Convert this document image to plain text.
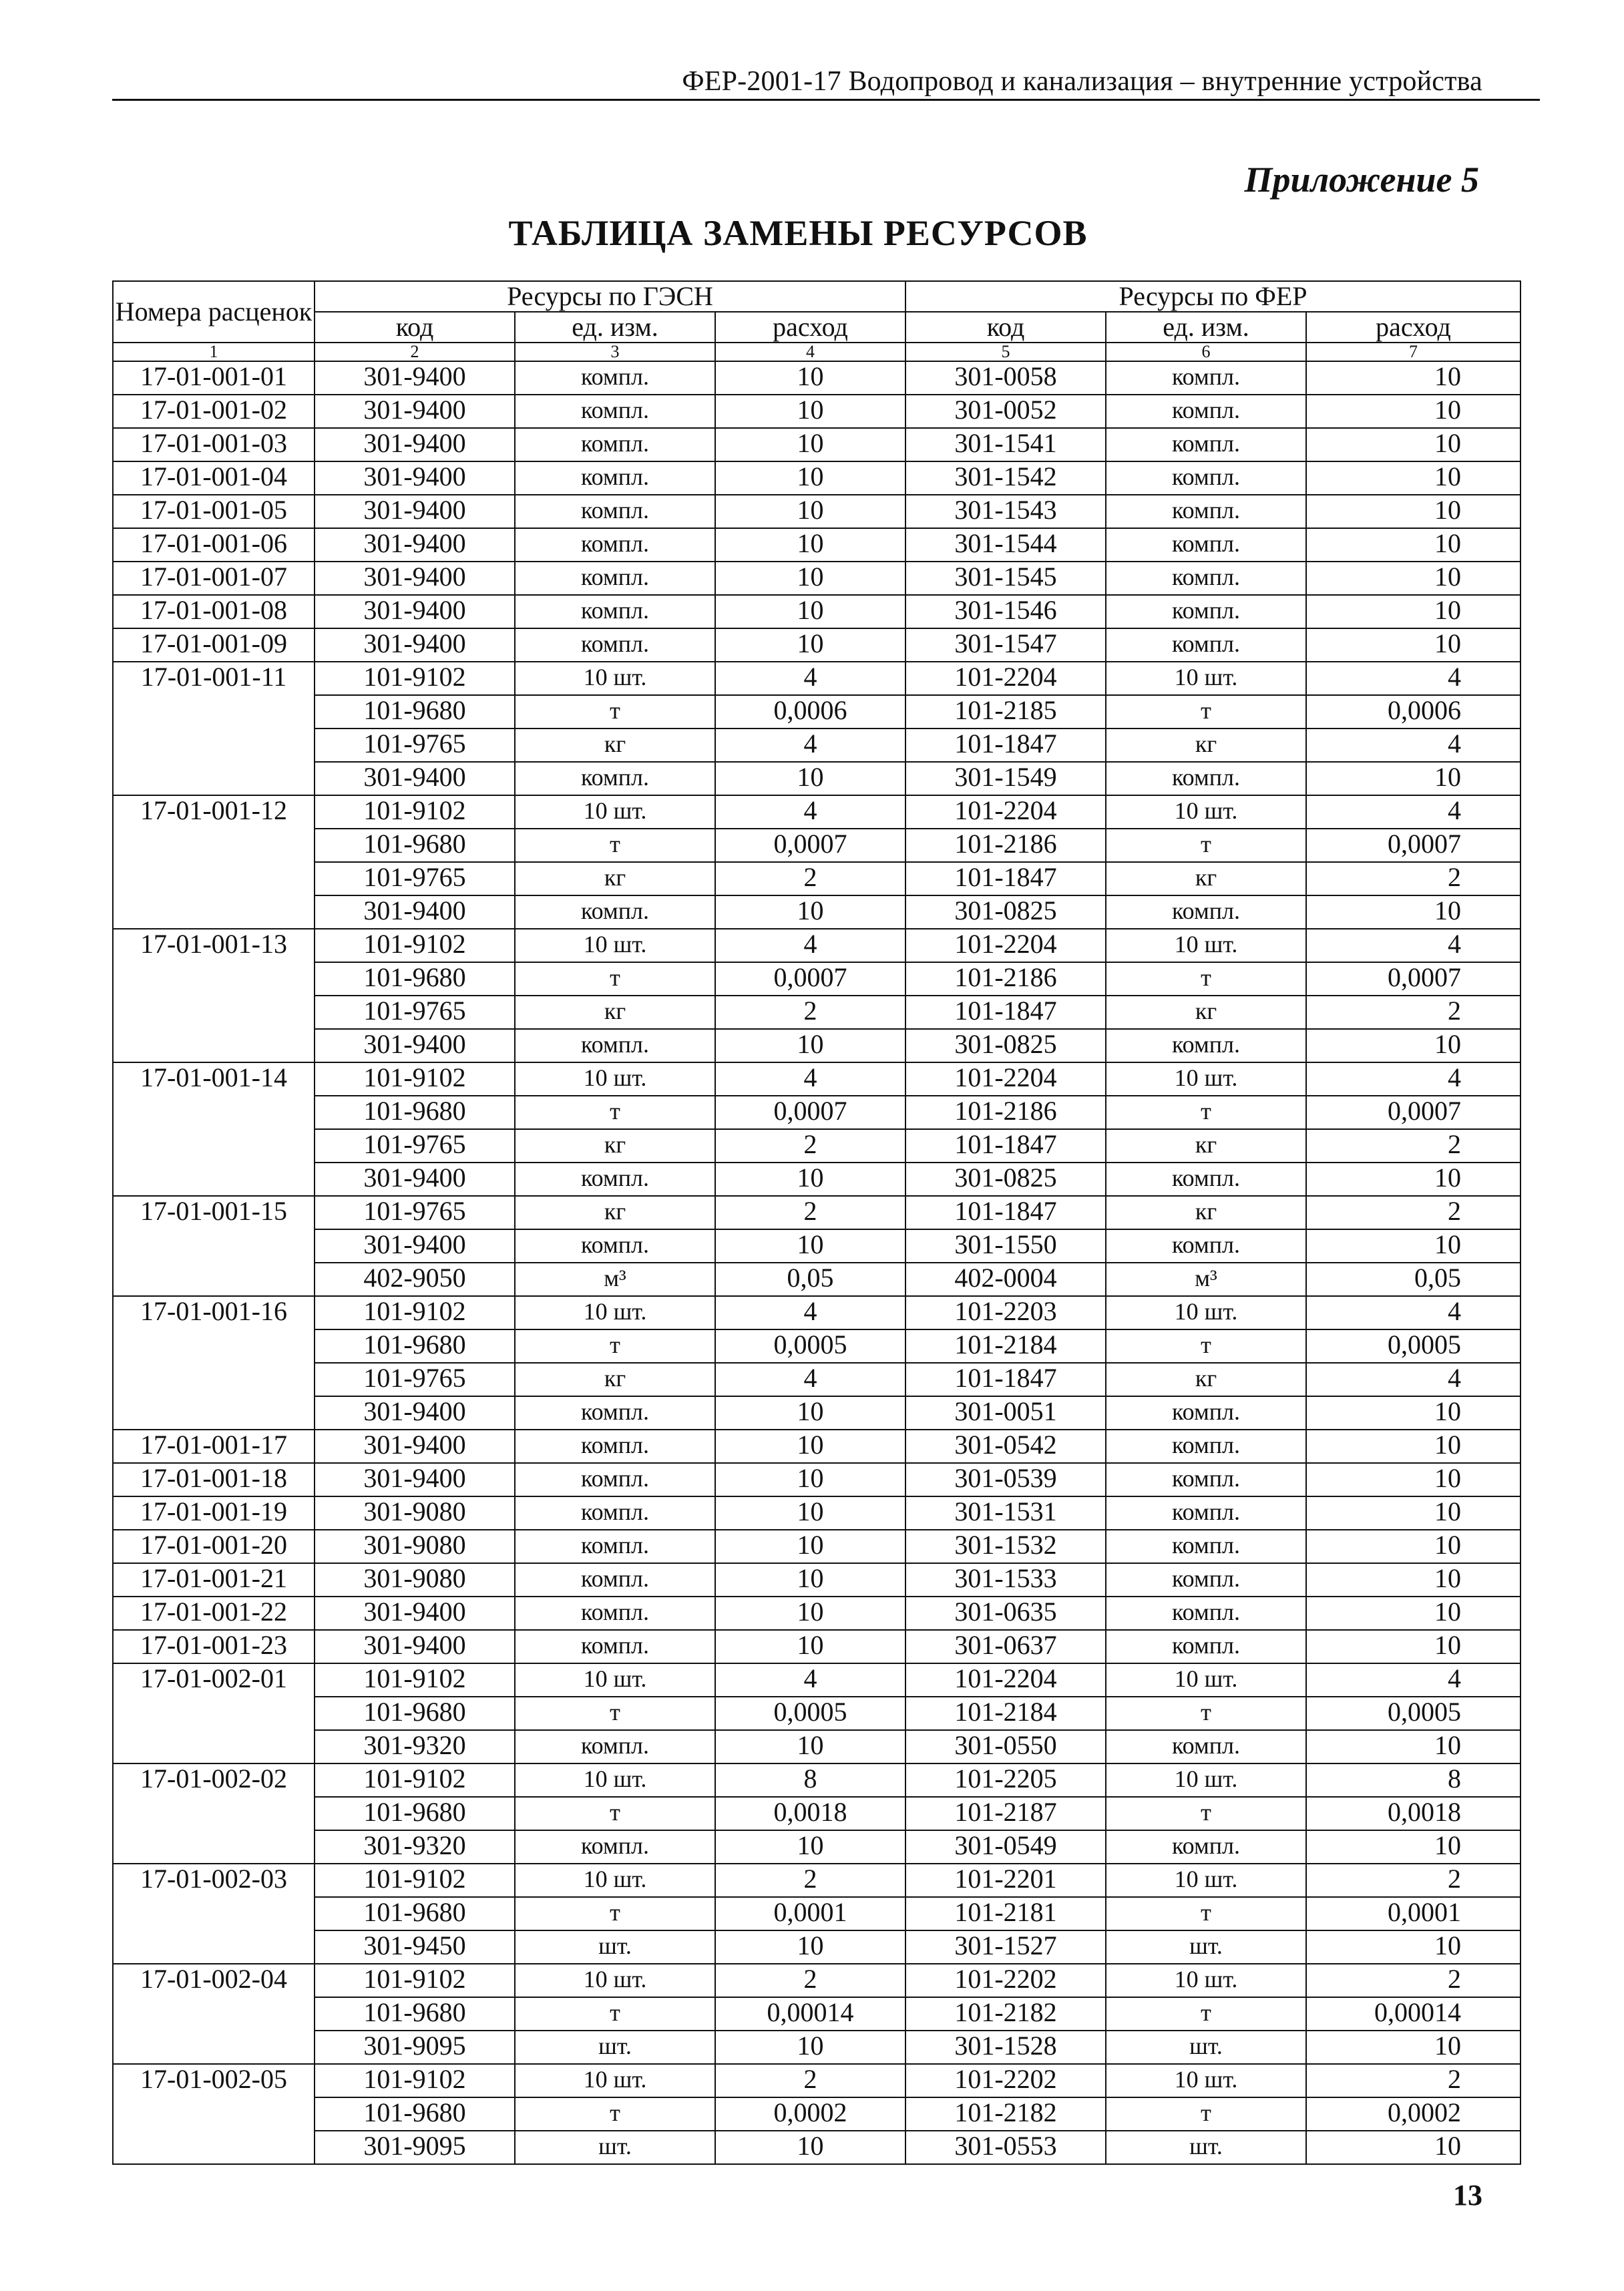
ФЕР-2001-17 Водопровод и канализация – внутренние устройства
Приложение 5
ТАБЛИЦА ЗАМЕНЫ РЕСУРСОВ
Номера расценок	Ресурсы по ГЭСН			Ресурсы по ФЕР		
	код	ед. изм.	расход	код	ед. изм.	расход
1	2	3	4	5	6	7
17-01-001-01	301-9400	компл.	10	301-0058	компл.	10
17-01-001-02	301-9400	компл.	10	301-0052	компл.	10
17-01-001-03	301-9400	компл.	10	301-1541	компл.	10
17-01-001-04	301-9400	компл.	10	301-1542	компл.	10
17-01-001-05	301-9400	компл.	10	301-1543	компл.	10
17-01-001-06	301-9400	компл.	10	301-1544	компл.	10
17-01-001-07	301-9400	компл.	10	301-1545	компл.	10
17-01-001-08	301-9400	компл.	10	301-1546	компл.	10
17-01-001-09	301-9400	компл.	10	301-1547	компл.	10
17-01-001-11	101-9102	10 шт.	4	101-2204	10 шт.	4
	101-9680	т	0,0006	101-2185	т	0,0006
	101-9765	кг	4	101-1847	кг	4
	301-9400	компл.	10	301-1549	компл.	10
17-01-001-12	101-9102	10 шт.	4	101-2204	10 шт.	4
	101-9680	т	0,0007	101-2186	т	0,0007
	101-9765	кг	2	101-1847	кг	2
	301-9400	компл.	10	301-0825	компл.	10
17-01-001-13	101-9102	10 шт.	4	101-2204	10 шт.	4
	101-9680	т	0,0007	101-2186	т	0,0007
	101-9765	кг	2	101-1847	кг	2
	301-9400	компл.	10	301-0825	компл.	10
17-01-001-14	101-9102	10 шт.	4	101-2204	10 шт.	4
	101-9680	т	0,0007	101-2186	т	0,0007
	101-9765	кг	2	101-1847	кг	2
	301-9400	компл.	10	301-0825	компл.	10
17-01-001-15	101-9765	кг	2	101-1847	кг	2
	301-9400	компл.	10	301-1550	компл.	10
	402-9050	м³	0,05	402-0004	м³	0,05
17-01-001-16	101-9102	10 шт.	4	101-2203	10 шт.	4
	101-9680	т	0,0005	101-2184	т	0,0005
	101-9765	кг	4	101-1847	кг	4
	301-9400	компл.	10	301-0051	компл.	10
17-01-001-17	301-9400	компл.	10	301-0542	компл.	10
17-01-001-18	301-9400	компл.	10	301-0539	компл.	10
17-01-001-19	301-9080	компл.	10	301-1531	компл.	10
17-01-001-20	301-9080	компл.	10	301-1532	компл.	10
17-01-001-21	301-9080	компл.	10	301-1533	компл.	10
17-01-001-22	301-9400	компл.	10	301-0635	компл.	10
17-01-001-23	301-9400	компл.	10	301-0637	компл.	10
17-01-002-01	101-9102	10 шт.	4	101-2204	10 шт.	4
	101-9680	т	0,0005	101-2184	т	0,0005
	301-9320	компл.	10	301-0550	компл.	10
17-01-002-02	101-9102	10 шт.	8	101-2205	10 шт.	8
	101-9680	т	0,0018	101-2187	т	0,0018
	301-9320	компл.	10	301-0549	компл.	10
17-01-002-03	101-9102	10 шт.	2	101-2201	10 шт.	2
	101-9680	т	0,0001	101-2181	т	0,0001
	301-9450	шт.	10	301-1527	шт.	10
17-01-002-04	101-9102	10 шт.	2	101-2202	10 шт.	2
	101-9680	т	0,00014	101-2182	т	0,00014
	301-9095	шт.	10	301-1528	шт.	10
17-01-002-05	101-9102	10 шт.	2	101-2202	10 шт.	2
	101-9680	т	0,0002	101-2182	т	0,0002
	301-9095	шт.	10	301-0553	шт.	10
13
